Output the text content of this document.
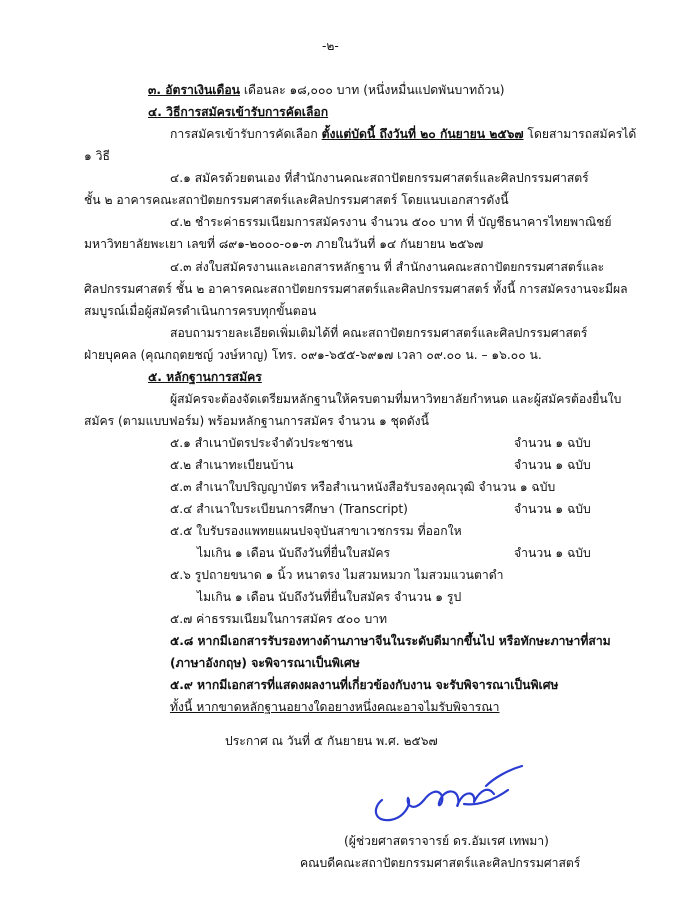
-๒-
๓. อัตราเงินเดือน เดือนละ ๑๘,๐๐๐ บาท (หนึ่งหมื่นแปดพันบาทถ้วน)
๔. วิธีการสมัครเข้ารับการคัดเลือก
การสมัครเข้ารับการคัดเลือก ตั้งแต่บัดนี้ ถึงวันที่ ๒๐ กันยายน ๒๕๖๗ โดยสามารถสมัครได้
๑ วิธี
๔.๑ สมัครด้วยตนเอง ที่สำนักงานคณะสถาปัตยกรรมศาสตร์และศิลปกรรมศาสตร์
ชั้น ๒ อาคารคณะสถาปัตยกรรมศาสตร์และศิลปกรรมศาสตร์ โดยแนบเอกสารดังนี้
๔.๒ ชำระค่าธรรมเนียมการสมัครงาน จำนวน ๕๐๐ บาท ที่ บัญชีธนาคารไทยพาณิชย์
มหาวิทยาลัยพะเยา เลขที่ ๘๙๑-๒๐๐๐-๐๑-๓ ภายในวันที่ ๑๔ กันยายน ๒๕๖๗
๔.๓ ส่งใบสมัครงานและเอกสารหลักฐาน ที่ สำนักงานคณะสถาปัตยกรรมศาสตร์และ
ศิลปกรรมศาสตร์ ชั้น ๒ อาคารคณะสถาปัตยกรรมศาสตร์และศิลปกรรมศาสตร์ ทั้งนี้ การสมัครงานจะมีผล
สมบูรณ์เมื่อผู้สมัครดำเนินการครบทุกขั้นตอน
สอบถามรายละเอียดเพิ่มเติมได้ที่ คณะสถาปัตยกรรมศาสตร์และศิลปกรรมศาสตร์
ฝ่ายบุคคล (คุณกฤตยชญ์ วงษ์หาญ) โทร. ๐๙๑-๖๕๕-๖๙๑๗ เวลา ๐๙.๐๐ น. – ๑๖.๐๐ น.
๕. หลักฐานการสมัคร
ผู้สมัครจะต้องจัดเตรียมหลักฐานให้ครบตามที่มหาวิทยาลัยกำหนด และผู้สมัครต้องยื่นใบ
สมัคร (ตามแบบฟอร์ม) พร้อมหลักฐานการสมัคร จำนวน ๑ ชุดดังนี้
๕.๑ สำเนาบัตรประจำตัวประชาชน	จำนวน ๑ ฉบับ
๕.๒ สำเนาทะเบียนบ้าน	จำนวน ๑ ฉบับ
๕.๓ สำเนาใบปริญญาบัตร หรือสำเนาหนังสือรับรองคุณวุฒิ จำนวน ๑ ฉบับ
๕.๔ สำเนาใบระเบียนการศึกษา (Transcript)	จำนวน ๑ ฉบับ
๕.๕ ใบรับรองแพทยแผนปจจุบันสาขาเวชกรรม ที่ออกให
ไมเกิน ๑ เดือน นับถึงวันที่ยื่นใบสมัคร	จำนวน ๑ ฉบับ
๕.๖ รูปถายขนาด ๑ นิ้ว หนาตรง ไมสวมหมวก ไมสวมแวนตาดำ
ไมเกิน ๑ เดือน นับถึงวันที่ยื่นใบสมัคร จำนวน ๑ รูป
๕.๗ ค่าธรรมเนียมในการสมัคร ๕๐๐ บาท
๕.๘ หากมีเอกสารรับรองทางด้านภาษาจีนในระดับดีมากขึ้นไป หรือทักษะภาษาที่สาม
(ภาษาอังกฤษ) จะพิจารณาเป็นพิเศษ
๕.๙ หากมีเอกสารที่แสดงผลงานที่เกี่ยวข้องกับงาน จะรับพิจารณาเป็นพิเศษ
ทั้งนี้ หากขาดหลักฐานอยางใดอยางหนึ่งคณะอาจไมรับพิจารณา
ประกาศ ณ วันที่ ๕ กันยายน พ.ศ. ๒๕๖๗
(ผู้ช่วยศาสตราจารย์ ดร.อัมเรศ เทพมา)
คณบดีคณะสถาปัตยกรรมศาสตร์และศิลปกรรมศาสตร์
